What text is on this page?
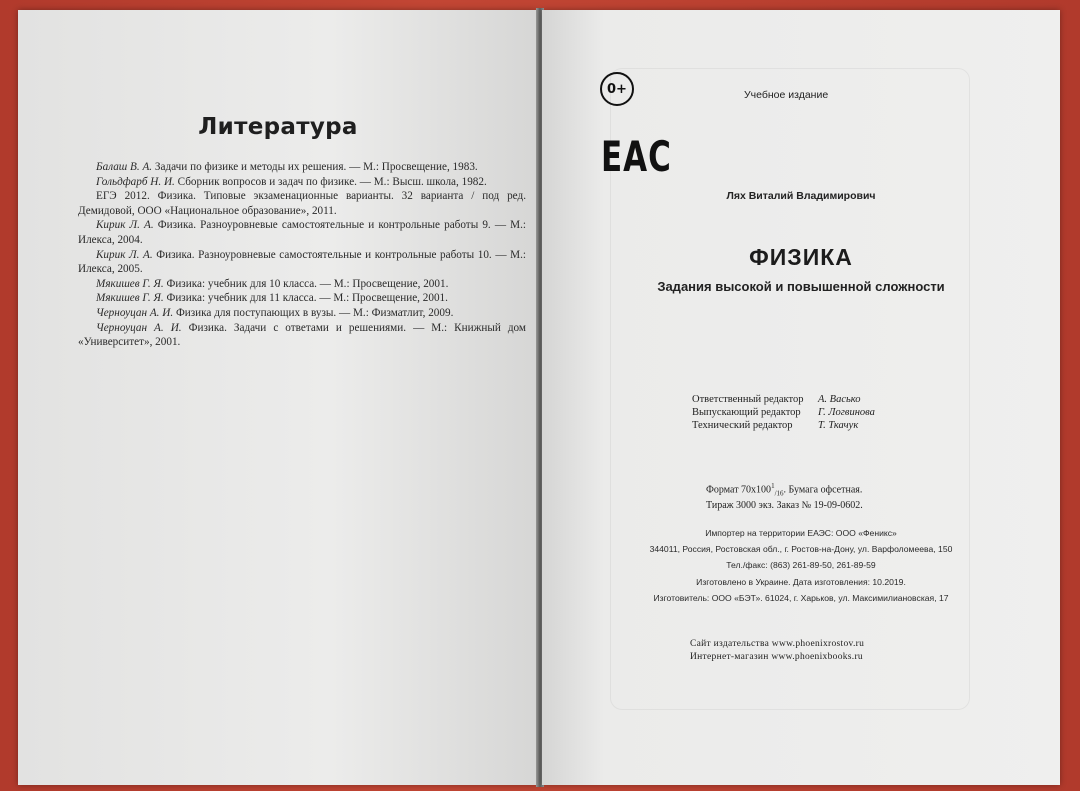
Литература

Балаш В. А. Задачи по физике и методы их решения. — М.: Просвещение, 1983.

Гольдфарб Н. И. Сборник вопросов и задач по физике. — М.: Высш. школа, 1982.

ЕГЭ 2012. Физика. Типовые экзаменационные варианты. 32 варианта / под ред. Демидовой, ООО «Национальное образование», 2011.

Кирик Л. А. Физика. Разноуровневые самостоятельные и контрольные работы 9. — М.: Илекса, 2004.

Кирик Л. А. Физика. Разноуровневые самостоятельные и контрольные работы 10. — М.: Илекса, 2005.

Мякишев Г. Я. Физика: учебник для 10 класса. — М.: Просвещение, 2001.

Мякишев Г. Я. Физика: учебник для 11 класса. — М.: Просвещение, 2001.

Черноуцан А. И. Физика для поступающих в вузы. — М.: Физматлит, 2009.

Черноуцан А. И. Физика. Задачи с ответами и решениями. — М.: Книжный дом «Университет», 2001.

0+	Учебное издание
ЕАС
Лях Виталий Владимирович
ФИЗИКА
Задания высокой и повышенной сложности
Ответственный редактор	А. Васько
Выпускающий редактор	Г. Логвинова
Технический редактор	Т. Ткачук
Формат $70х100^1_{/16}$. Бумага офсетная.
Тираж 3000 экз. Заказ № 19-09-0602.
Импортер на территории ЕАЭС: ООО «Феникс»
344011, Россия, Ростовская обл., г. Ростов-на-Дону, ул. Варфоломеева, 150
Тел./факс: (863) 261-89-50, 261-89-59
Изготовлено в Украине. Дата изготовления: 10.2019.
Изготовитель: ООО «БЭТ». 61024, г. Харьков, ул. Максимилиановская, 17
Сайт издательства www.phoenixrostov.ru
Интернет-магазин www.phoenixbooks.ru
